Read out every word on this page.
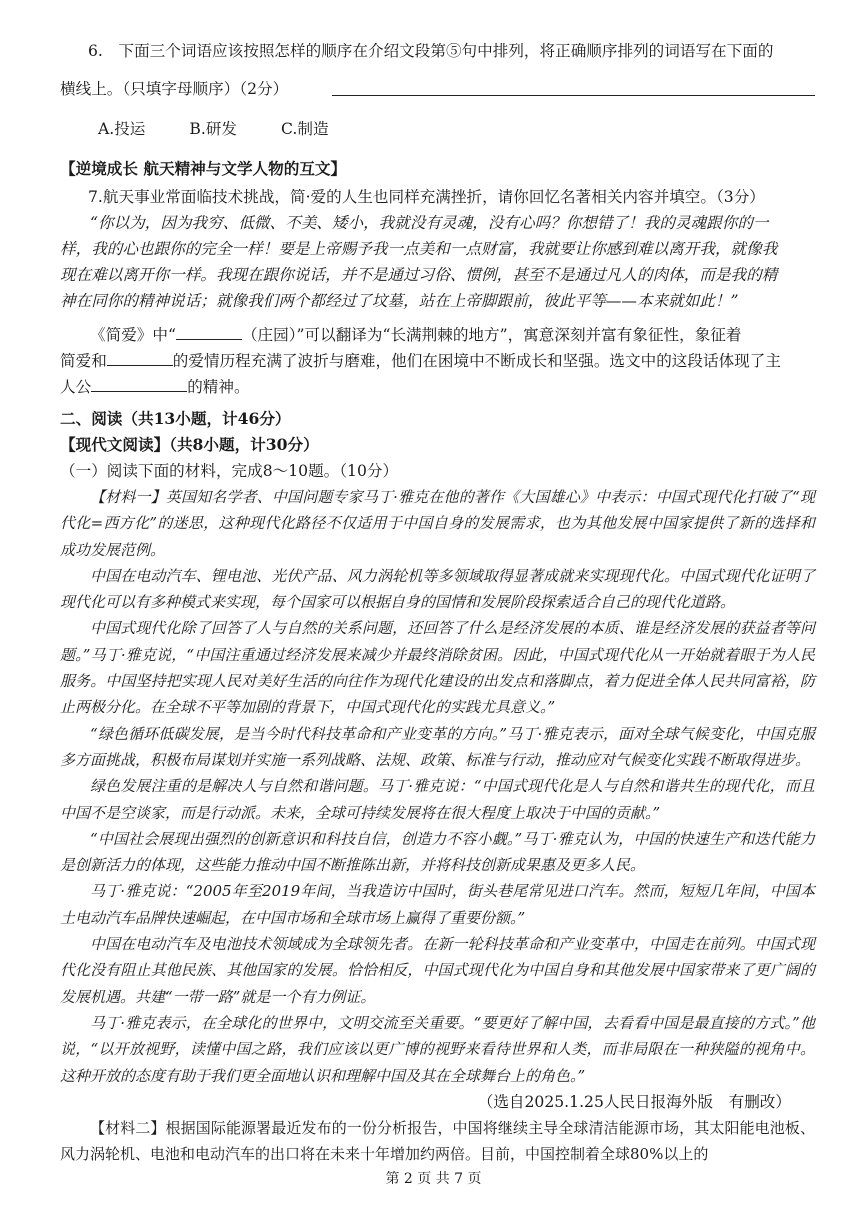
6.　下面三个词语应该按照怎样的顺序在介绍文段第⑤句中排列，将正确顺序排列的词语写在下面的
横线上。（只填字母顺序）（2分）
A.投运	B.研发	C.制造
【逆境成长 航天精神与文学人物的互文】
7.航天事业常面临技术挑战，简·爱的人生也同样充满挫折，请你回忆名著相关内容并填空。（3分）
“你以为，因为我穷、低微、不美、矮小，我就没有灵魂，没有心吗？你想错了！我的灵魂跟你的一
样，我的心也跟你的完全一样！要是上帝赐予我一点美和一点财富，我就要让你感到难以离开我，就像我
现在难以离开你一样。我现在跟你说话，并不是通过习俗、惯例，甚至不是通过凡人的肉体，而是我的精
神在同你的精神说话；就像我们两个都经过了坟墓，站在上帝脚跟前，彼此平等——本来就如此！”
《简爱》中“	（庄园）”可以翻译为“长满荆棘的地方”，寓意深刻并富有象征性，象征着
简爱和	的爱情历程充满了波折与磨难，他们在困境中不断成长和坚强。选文中的这段话体现了主
人公	的精神。
二、阅读（共13小题，计46分）
【现代文阅读】（共8小题，计30分）
（一）阅读下面的材料，完成8～10题。（10分）

【材料一】英国知名学者、中国问题专家马丁·雅克在他的著作《大国雄心》中表示：中国式现代化打破了“现代化=西方化”的迷思，这种现代化路径不仅适用于中国自身的发展需求，也为其他发展中国家提供了新的选择和成功发展范例。

中国在电动汽车、锂电池、光伏产品、风力涡轮机等多领域取得显著成就来实现现代化。中国式现代化证明了现代化可以有多种模式来实现，每个国家可以根据自身的国情和发展阶段探索适合自己的现代化道路。

中国式现代化除了回答了人与自然的关系问题，还回答了什么是经济发展的本质、谁是经济发展的获益者等问题。”马丁·雅克说，“中国注重通过经济发展来减少并最终消除贫困。因此，中国式现代化从一开始就着眼于为人民服务。中国坚持把实现人民对美好生活的向往作为现代化建设的出发点和落脚点，着力促进全体人民共同富裕，防止两极分化。在全球不平等加剧的背景下，中国式现代化的实践尤具意义。”

“绿色循环低碳发展，是当今时代科技革命和产业变革的方向。”马丁·雅克表示，面对全球气候变化，中国克服多方面挑战，积极布局谋划并实施一系列战略、法规、政策、标准与行动，推动应对气候变化实践不断取得进步。

绿色发展注重的是解决人与自然和谐问题。马丁·雅克说：“中国式现代化是人与自然和谐共生的现代化，而且中国不是空谈家，而是行动派。未来，全球可持续发展将在很大程度上取决于中国的贡献。”

“中国社会展现出强烈的创新意识和科技自信，创造力不容小觑。”马丁·雅克认为，中国的快速生产和迭代能力是创新活力的体现，这些能力推动中国不断推陈出新，并将科技创新成果惠及更多人民。

马丁·雅克说：“2005年至2019年间，当我造访中国时，街头巷尾常见进口汽车。然而，短短几年间，中国本土电动汽车品牌快速崛起，在中国市场和全球市场上赢得了重要份额。”

中国在电动汽车及电池技术领域成为全球领先者。在新一轮科技革命和产业变革中，中国走在前列。中国式现代化没有阻止其他民族、其他国家的发展。恰恰相反，中国式现代化为中国自身和其他发展中国家带来了更广阔的发展机遇。共建“一带一路”就是一个有力例证。

马丁·雅克表示，在全球化的世界中，文明交流至关重要。“要更好了解中国，去看看中国是最直接的方式。”他说，“以开放视野，读懂中国之路，我们应该以更广博的视野来看待世界和人类，而非局限在一种狭隘的视角中。这种开放的态度有助于我们更全面地认识和理解中国及其在全球舞台上的角色。”

（选自2025.1.25人民日报海外版　有删改）

【材料二】根据国际能源署最近发布的一份分析报告，中国将继续主导全球清洁能源市场，其太阳能电池板、风力涡轮机、电池和电动汽车的出口将在未来十年增加约两倍。目前，中国控制着全球80%以上的

第 2 页 共 7 页
